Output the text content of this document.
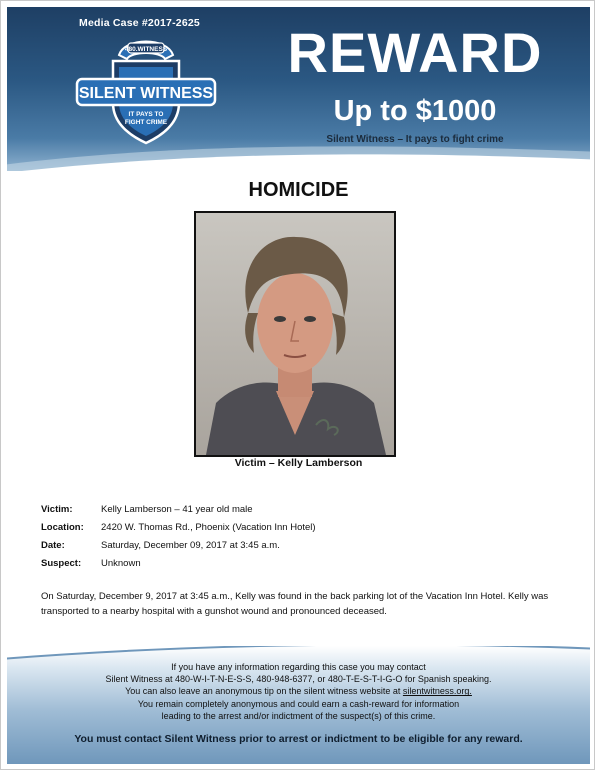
Media Case #2017-2625
480.WITNESS
SILENT WITNESS
IT PAYS TO
FIGHT CRIME
REWARD
Up to $1000
Silent Witness – It pays to fight crime
HOMICIDE
Victim – Kelly Lamberson
Victim:	Kelly Lamberson – 41 year old male
Location: 2420 W. Thomas Rd., Phoenix (Vacation Inn Hotel)
Date:	Saturday, December 09, 2017 at 3:45 a.m.
Suspect: Unknown
On Saturday, December 9, 2017 at 3:45 a.m., Kelly was found in the back parking lot of the Vacation Inn Hotel. Kelly was transported to a nearby hospital with a gunshot wound and pronounced deceased.
If you have any information regarding this case you may contact
Silent Witness at 480-W-I-T-N-E-S-S, 480-948-6377, or 480-T-E-S-T-I-G-O for Spanish speaking.
You can also leave an anonymous tip on the silent witness website at silentwitness.org.
You remain completely anonymous and could earn a cash-reward for information
leading to the arrest and/or indictment of the suspect(s) of this crime.
You must contact Silent Witness prior to arrest or indictment to be eligible for any reward.
